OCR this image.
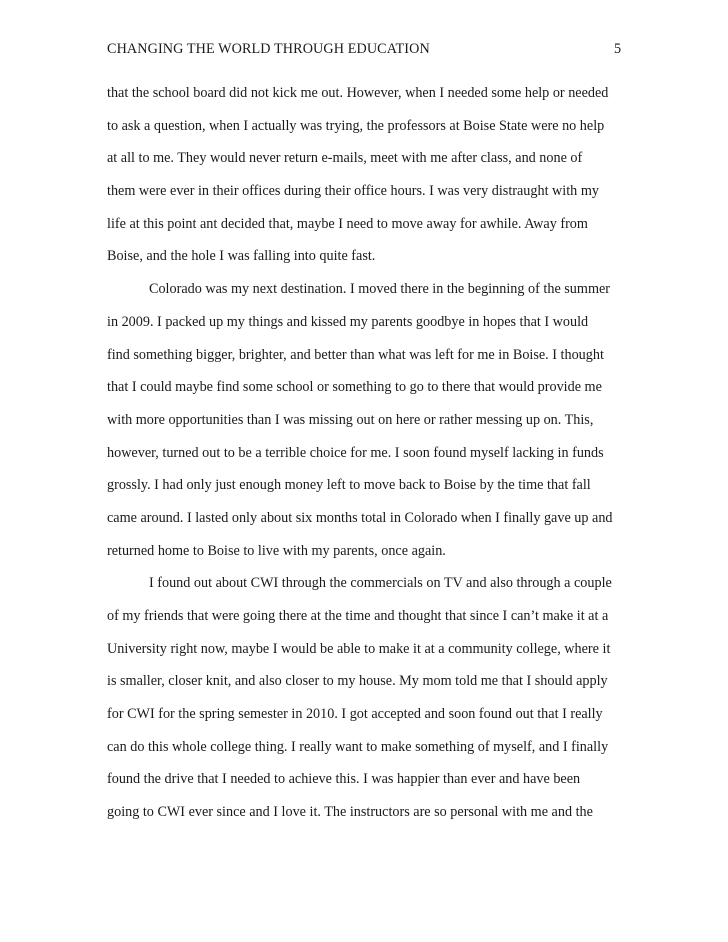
CHANGING THE WORLD THROUGH EDUCATION	5
that the school board did not kick me out. However, when I needed some help or needed
to ask a question, when I actually was trying, the professors at Boise State were no help
at all to me. They would never return e-mails, meet with me after class, and none of
them were ever in their offices during their office hours. I was very distraught with my
life at this point ant decided that, maybe I need to move away for awhile. Away from
Boise, and the hole I was falling into quite fast.
Colorado was my next destination. I moved there in the beginning of the summer
in 2009. I packed up my things and kissed my parents goodbye in hopes that I would
find something bigger, brighter, and better than what was left for me in Boise. I thought
that I could maybe find some school or something to go to there that would provide me
with more opportunities than I was missing out on here or rather messing up on. This,
however, turned out to be a terrible choice for me. I soon found myself lacking in funds
grossly. I had only just enough money left to move back to Boise by the time that fall
came around. I lasted only about six months total in Colorado when I finally gave up and
returned home to Boise to live with my parents, once again.
I found out about CWI through the commercials on TV and also through a couple
of my friends that were going there at the time and thought that since I can’t make it at a
University right now, maybe I would be able to make it at a community college, where it
is smaller, closer knit, and also closer to my house. My mom told me that I should apply
for CWI for the spring semester in 2010. I got accepted and soon found out that I really
can do this whole college thing. I really want to make something of myself, and I finally
found the drive that I needed to achieve this. I was happier than ever and have been
going to CWI ever since and I love it. The instructors are so personal with me and the
